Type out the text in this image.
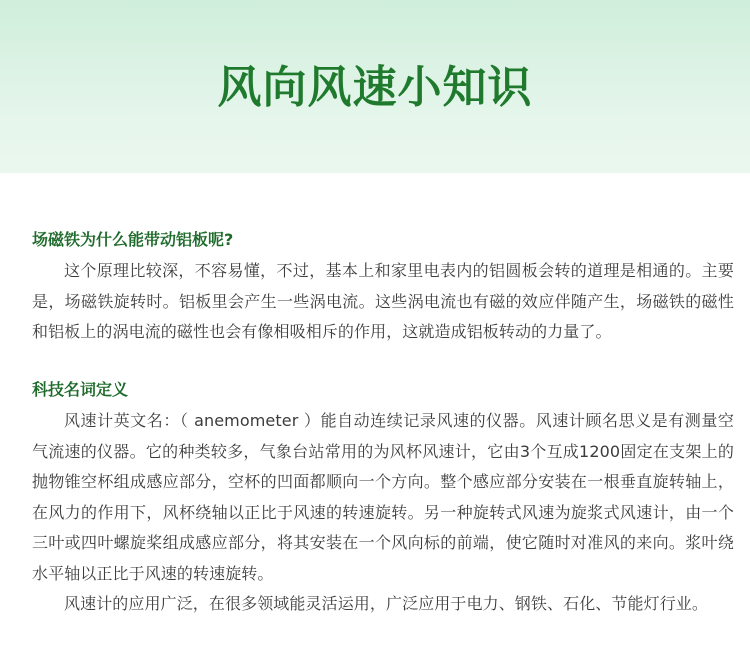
风向风速小知识
场磁铁为什么能带动铝板呢?

这个原理比较深，不容易懂，不过，基本上和家里电表内的铝圆板会转的道理是相通的。主要是，场磁铁旋转时。铝板里会产生一些涡电流。这些涡电流也有磁的效应伴随产生，场磁铁的磁性和铝板上的涡电流的磁性也会有像相吸相斥的作用，这就造成铝板转动的力量了。

科技名词定义

风速计英文名：（ anemometer ）能自动连续记录风速的仪器。风速计顾名思义是有测量空气流速的仪器。它的种类较多，气象台站常用的为风杯风速计，它由3个互成1200固定在支架上的抛物锥空杯组成感应部分，空杯的凹面都顺向一个方向。整个感应部分安装在一根垂直旋转轴上，在风力的作用下，风杯绕轴以正比于风速的转速旋转。另一种旋转式风速为旋浆式风速计，由一个三叶或四叶螺旋桨组成感应部分，将其安装在一个风向标的前端，使它随时对准风的来向。浆叶绕水平轴以正比于风速的转速旋转。

风速计的应用广泛，在很多领域能灵活运用，广泛应用于电力、钢铁、石化、节能灯行业。
